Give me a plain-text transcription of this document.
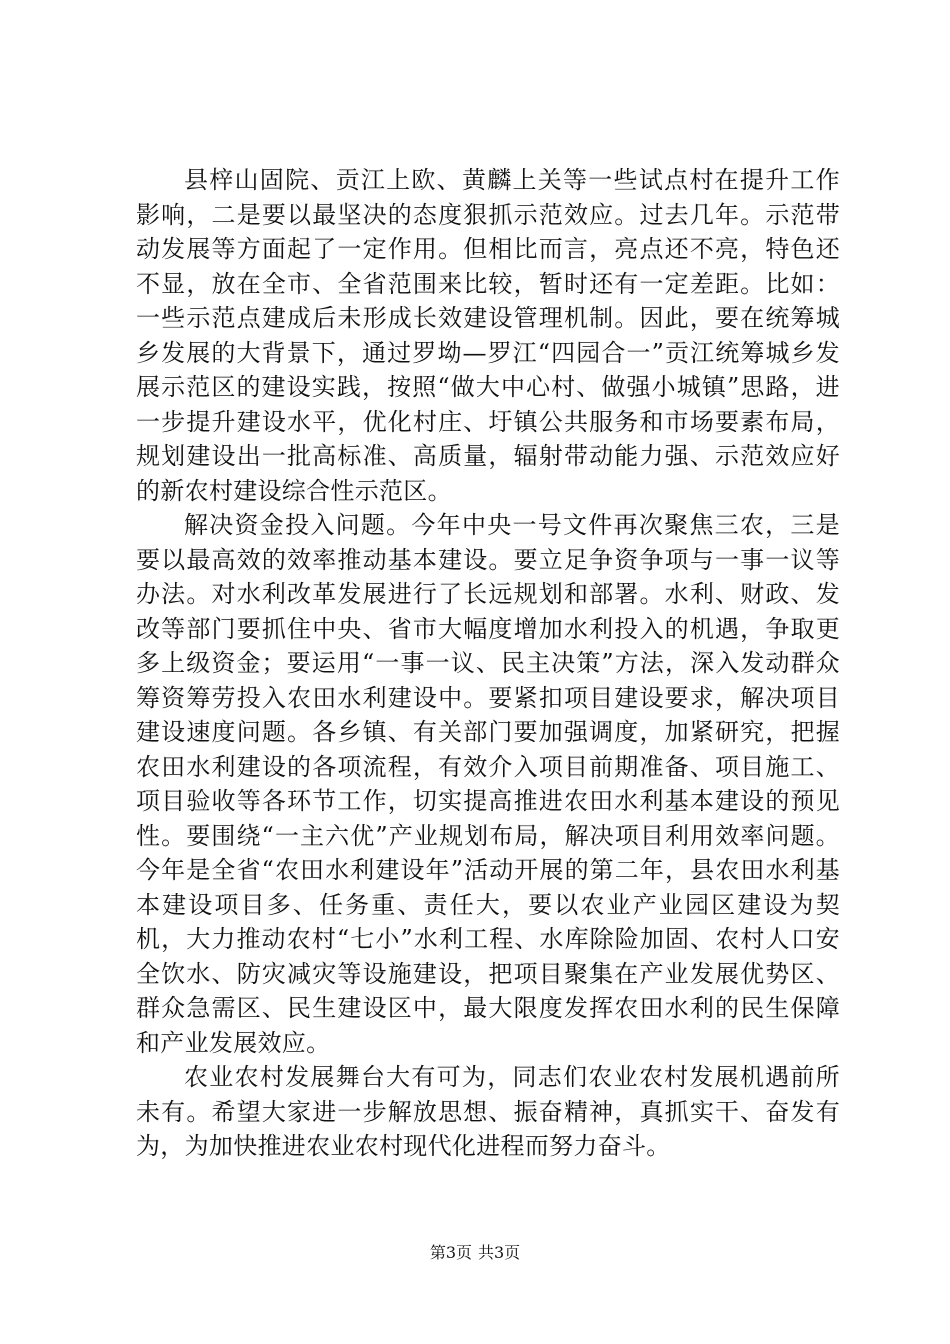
县梓山固院、贡江上欧、黄麟上关等一些试点村在提升工作影响，二是要以最坚决的态度狠抓示范效应。过去几年。示范带动发展等方面起了一定作用。但相比而言，亮点还不亮，特色还不显，放在全市、全省范围来比较，暂时还有一定差距。比如：一些示范点建成后未形成长效建设管理机制。因此，要在统筹城乡发展的大背景下，通过罗坳—罗江“四园合一”贡江统筹城乡发展示范区的建设实践，按照“做大中心村、做强小城镇”思路，进一步提升建设水平，优化村庄、圩镇公共服务和市场要素布局，规划建设出一批高标准、高质量，辐射带动能力强、示范效应好的新农村建设综合性示范区。

解决资金投入问题。今年中央一号文件再次聚焦三农，三是要以最高效的效率推动基本建设。要立足争资争项与一事一议等办法。对水利改革发展进行了长远规划和部署。水利、财政、发改等部门要抓住中央、省市大幅度增加水利投入的机遇，争取更多上级资金；要运用“一事一议、民主决策”方法，深入发动群众筹资筹劳投入农田水利建设中。要紧扣项目建设要求，解决项目建设速度问题。各乡镇、有关部门要加强调度，加紧研究，把握农田水利建设的各项流程，有效介入项目前期准备、项目施工、项目验收等各环节工作，切实提高推进农田水利基本建设的预见性。要围绕“一主六优”产业规划布局，解决项目利用效率问题。今年是全省“农田水利建设年”活动开展的第二年，县农田水利基本建设项目多、任务重、责任大，要以农业产业园区建设为契机，大力推动农村“七小”水利工程、水库除险加固、农村人口安全饮水、防灾减灾等设施建设，把项目聚集在产业发展优势区、群众急需区、民生建设区中，最大限度发挥农田水利的民生保障和产业发展效应。

农业农村发展舞台大有可为，同志们农业农村发展机遇前所未有。希望大家进一步解放思想、振奋精神，真抓实干、奋发有为，为加快推进农业农村现代化进程而努力奋斗。

第3页 共3页
